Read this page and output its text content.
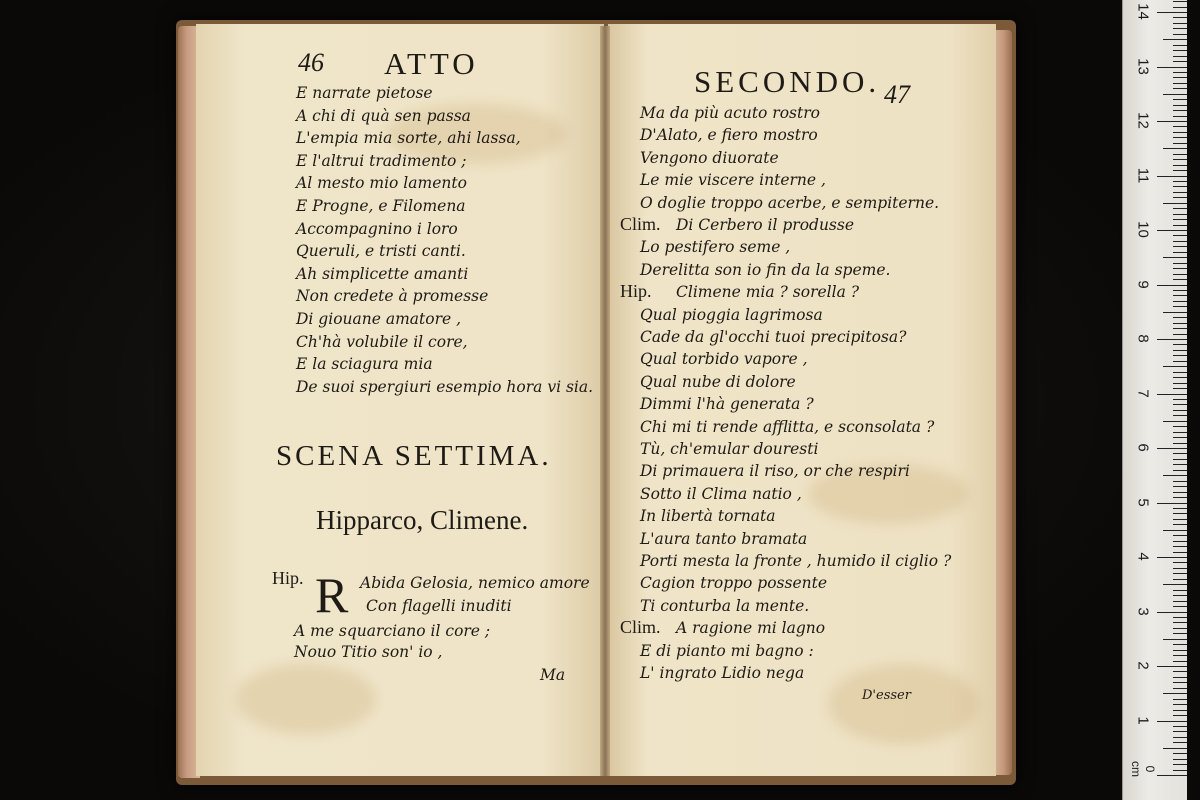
1
2
3
4
5
6
7
8
9
10
11
12
13
14
0 cm
46 ATTO
E narrate pietose
A chi di quà sen passa
L'empia mia sorte, ahi lassa,
E l'altrui tradimento ;
Al mesto mio lamento
E Progne, e Filomena
Accompagnino i loro
Queruli, e tristi canti.
Ah simplicette amanti
Non credete à promesse
Di giouane amatore ,
Ch'hà volubile il core,
E la sciagura mia
De suoi spergiuri esempio hora vi sia.
SCENA SETTIMA.
Hipparco, Climene.
Hip. R Abida Gelosia, nemico amore
Con flagelli inuditi
A me squarciano il core ;
Nouo Titio son' io ,
Ma
SECONDO. 47
Ma da più acuto rostro
D'Alato, e fiero mostro
Vengono diuorate
Le mie viscere interne ,
O doglie troppo acerbe, e sempiterne.
Clim. Di Cerbero il produsse
Lo pestifero seme ,
Derelitta son io fin da la speme.
Hip. Climene mia ? sorella ?
Qual pioggia lagrimosa
Cade da gl'occhi tuoi precipitosa?
Qual torbido vapore ,
Qual nube di dolore
Dimmi l'hà generata ?
Chi mi ti rende afflitta, e sconsolata ?
Tù, ch'emular douresti
Di primauera il riso, or che respiri
Sotto il Clima natio ,
In libertà tornata
L'aura tanto bramata
Porti mesta la fronte , humido il ciglio ?
Cagion troppo possente
Ti conturba la mente.
Clim. A ragione mi lagno
E di pianto mi bagno :
L' ingrato Lidio nega
D'esser
